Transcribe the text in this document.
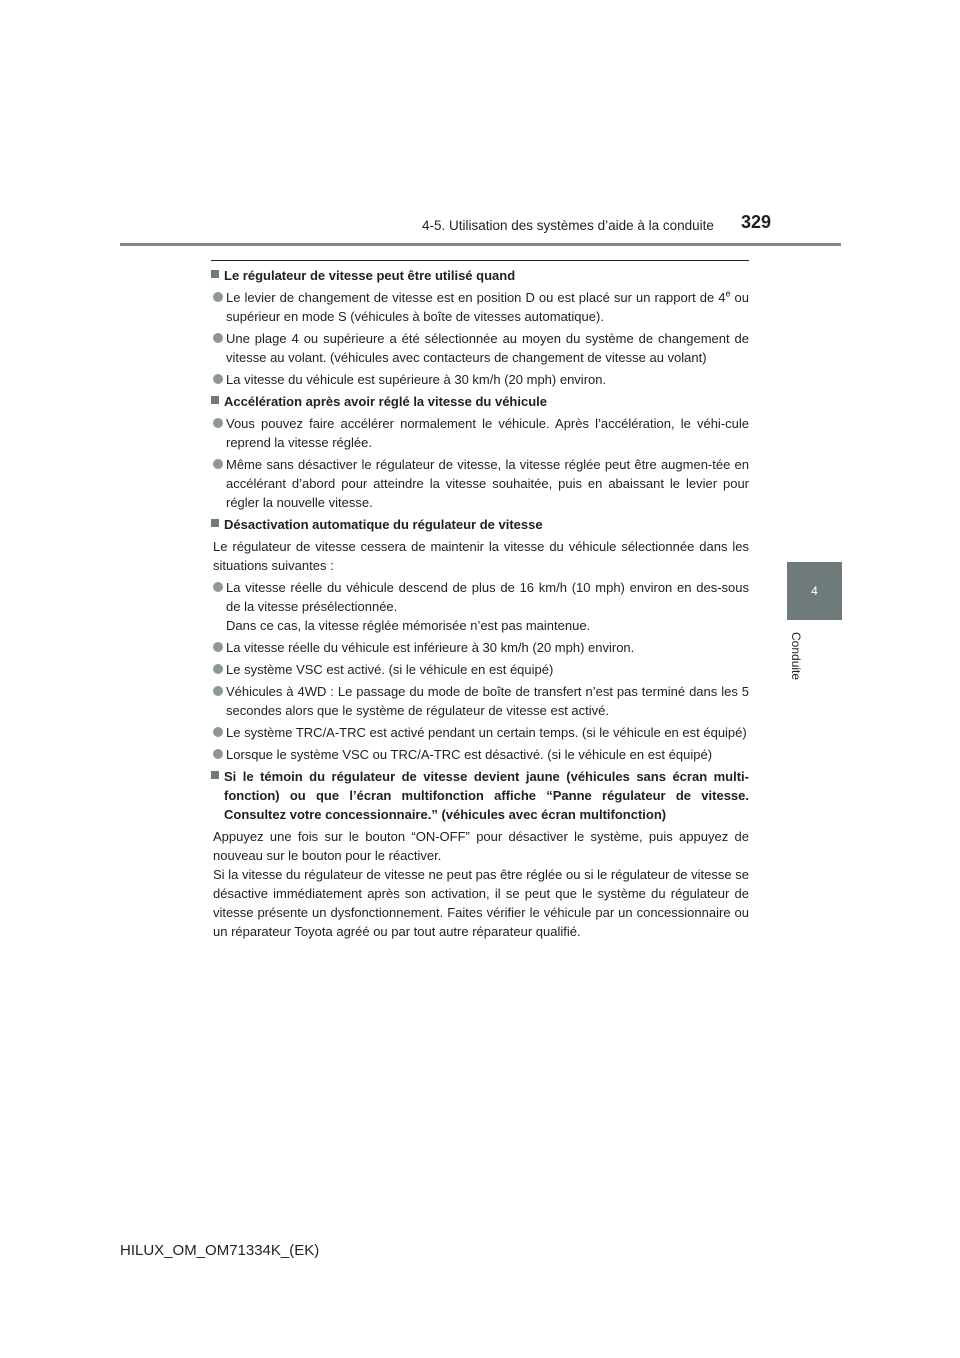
4-5. Utilisation des systèmes d’aide à la conduite 329
4
Conduite
Le régulateur de vitesse peut être utilisé quand
Le levier de changement de vitesse est en position D ou est placé sur un rapport de 4e ou supérieur en mode S (véhicules à boîte de vitesses automatique).
Une plage 4 ou supérieure a été sélectionnée au moyen du système de changement de vitesse au volant. (véhicules avec contacteurs de changement de vitesse au volant)
La vitesse du véhicule est supérieure à 30 km/h (20 mph) environ.
Accélération après avoir réglé la vitesse du véhicule
Vous pouvez faire accélérer normalement le véhicule. Après l’accélération, le véhi-cule reprend la vitesse réglée.
Même sans désactiver le régulateur de vitesse, la vitesse réglée peut être augmen-tée en accélérant d’abord pour atteindre la vitesse souhaitée, puis en abaissant le levier pour régler la nouvelle vitesse.
Désactivation automatique du régulateur de vitesse
Le régulateur de vitesse cessera de maintenir la vitesse du véhicule sélectionnée dans les situations suivantes :
La vitesse réelle du véhicule descend de plus de 16 km/h (10 mph) environ en des-sous de la vitesse présélectionnée.
Dans ce cas, la vitesse réglée mémorisée n’est pas maintenue.
La vitesse réelle du véhicule est inférieure à 30 km/h (20 mph) environ.
Le système VSC est activé. (si le véhicule en est équipé)
Véhicules à 4WD : Le passage du mode de boîte de transfert n’est pas terminé dans les 5 secondes alors que le système de régulateur de vitesse est activé.
Le système TRC/A-TRC est activé pendant un certain temps. (si le véhicule en est équipé)
Lorsque le système VSC ou TRC/A-TRC est désactivé. (si le véhicule en est équipé)
Si le témoin du régulateur de vitesse devient jaune (véhicules sans écran multi-fonction) ou que l’écran multifonction affiche “Panne régulateur de vitesse. Consultez votre concessionnaire.” (véhicules avec écran multifonction)
Appuyez une fois sur le bouton “ON-OFF” pour désactiver le système, puis appuyez de nouveau sur le bouton pour le réactiver.
Si la vitesse du régulateur de vitesse ne peut pas être réglée ou si le régulateur de vitesse se désactive immédiatement après son activation, il se peut que le système du régulateur de vitesse présente un dysfonctionnement. Faites vérifier le véhicule par un concessionnaire ou un réparateur Toyota agréé ou par tout autre réparateur qualifié.
HILUX_OM_OM71334K_(EK)
